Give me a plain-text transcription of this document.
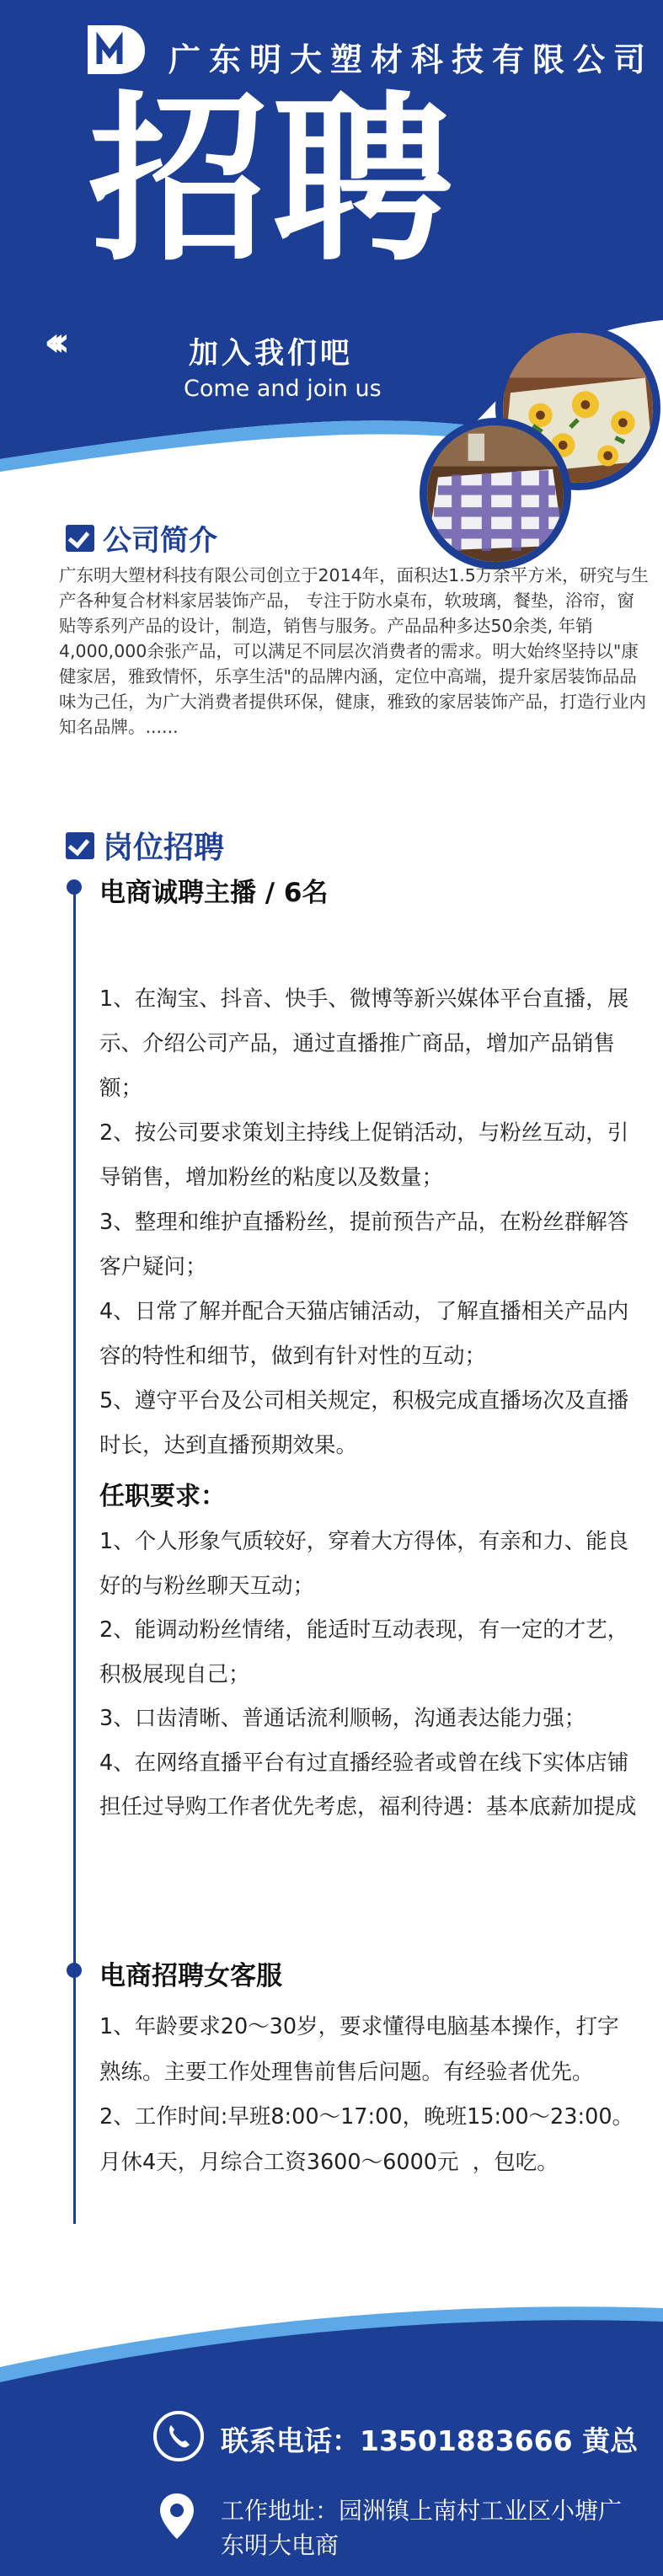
广东明大塑材科技有限公司
招聘
‹‹‹	加入我们吧
Come and join us
公司简介
广东明大塑材科技有限公司创立于2014年，面积达1.5万余平方米，研究与生产各种复合材料家居装饰产品， 专注于防水桌布，软玻璃，餐垫，浴帘，窗贴等系列产品的设计，制造，销售与服务。产品品种多达50余类, 年销4,000,000余张产品，可以满足不同层次消费者的需求。明大始终坚持以"康健家居，雅致情怀，乐享生活"的品牌内涵，定位中高端，提升家居装饰品品味为己任，为广大消费者提供环保，健康，雅致的家居装饰产品，打造行业内知名品牌。......
岗位招聘
电商诚聘主播 / 6名
1、在淘宝、抖音、快手、微博等新兴媒体平台直播，展示、介绍公司产品，通过直播推广商品，增加产品销售额；
2、按公司要求策划主持线上促销活动，与粉丝互动，引导销售，增加粉丝的粘度以及数量；
3、整理和维护直播粉丝，提前预告产品，在粉丝群解答客户疑问；
4、日常了解并配合天猫店铺活动，了解直播相关产品内容的特性和细节，做到有针对性的互动；
5、遵守平台及公司相关规定，积极完成直播场次及直播时长，达到直播预期效果。
任职要求：
1、个人形象气质较好，穿着大方得体，有亲和力、能良好的与粉丝聊天互动；
2、能调动粉丝情绪，能适时互动表现，有一定的才艺，积极展现自己；
3、口齿清晰、普通话流利顺畅，沟通表达能力强；
4、在网络直播平台有过直播经验者或曾在线下实体店铺担任过导购工作者优先考虑，福利待遇：基本底薪加提成
电商招聘女客服
1、年龄要求20～30岁，要求懂得电脑基本操作，打字熟练。主要工作处理售前售后问题。有经验者优先。
2、工作时间:早班8:00～17:00，晚班15:00～23:00。月休4天，月综合工资3600～6000元  ，包吃。
联系电话：13501883666 黄总
工作地址：园洲镇上南村工业区小塘广东明大电商
